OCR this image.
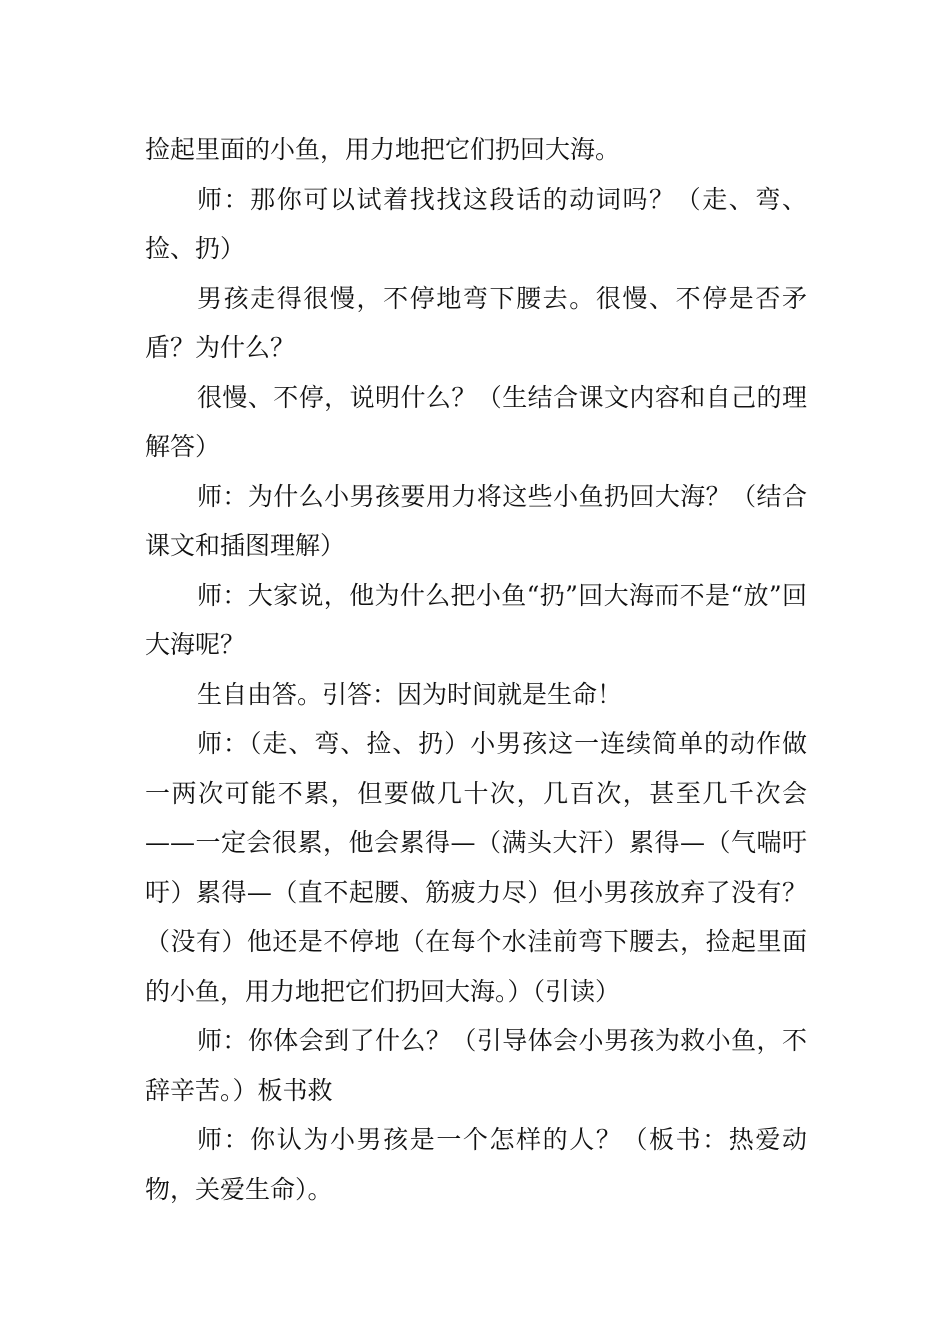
捡起里面的小鱼，用力地把它们扔回大海。

师：那你可以试着找找这段话的动词吗？（走、弯、捡、扔）

男孩走得很慢，不停地弯下腰去。很慢、不停是否矛盾？为什么？

很慢、不停，说明什么？（生结合课文内容和自己的理解答）

师：为什么小男孩要用力将这些小鱼扔回大海？（结合课文和插图理解）

师：大家说，他为什么把小鱼“扔”回大海而不是“放”回大海呢？

生自由答。引答：因为时间就是生命！

师：（走、弯、捡、扔）小男孩这一连续简单的动作做一两次可能不累，但要做几十次，几百次，甚至几千次会——一定会很累，他会累得—（满头大汗）累得—（气喘吁吁）累得—（直不起腰、筋疲力尽）但小男孩放弃了没有？（没有）他还是不停地（在每个水洼前弯下腰去，捡起里面的小鱼，用力地把它们扔回大海。）（引读）

师：你体会到了什么？（引导体会小男孩为救小鱼，不辞辛苦。）板书救

师：你认为小男孩是一个怎样的人？（板书：热爱动物，关爱生命）。
